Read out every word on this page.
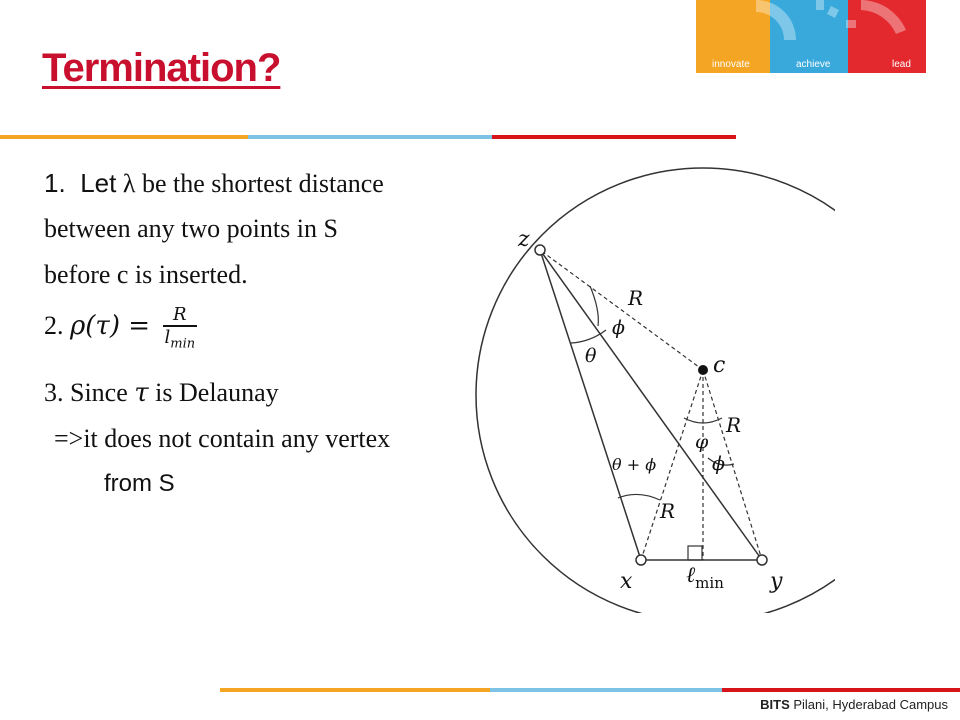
Termination?	innovate	achieve	lead
1. Let λ be the shortest distance
between any two points in S
before c is inserted.
2. $\rho(\tau) = \frac{R}{l_{min}}$
3. Since τ is Delaunay
=>it does not contain any vertex
from S
z
c
x	y
R
R
R
ϕ
θ
φ
ϕ
θ + ϕ
ℓ$_{min}$
BITS Pilani, Hyderabad Campus
